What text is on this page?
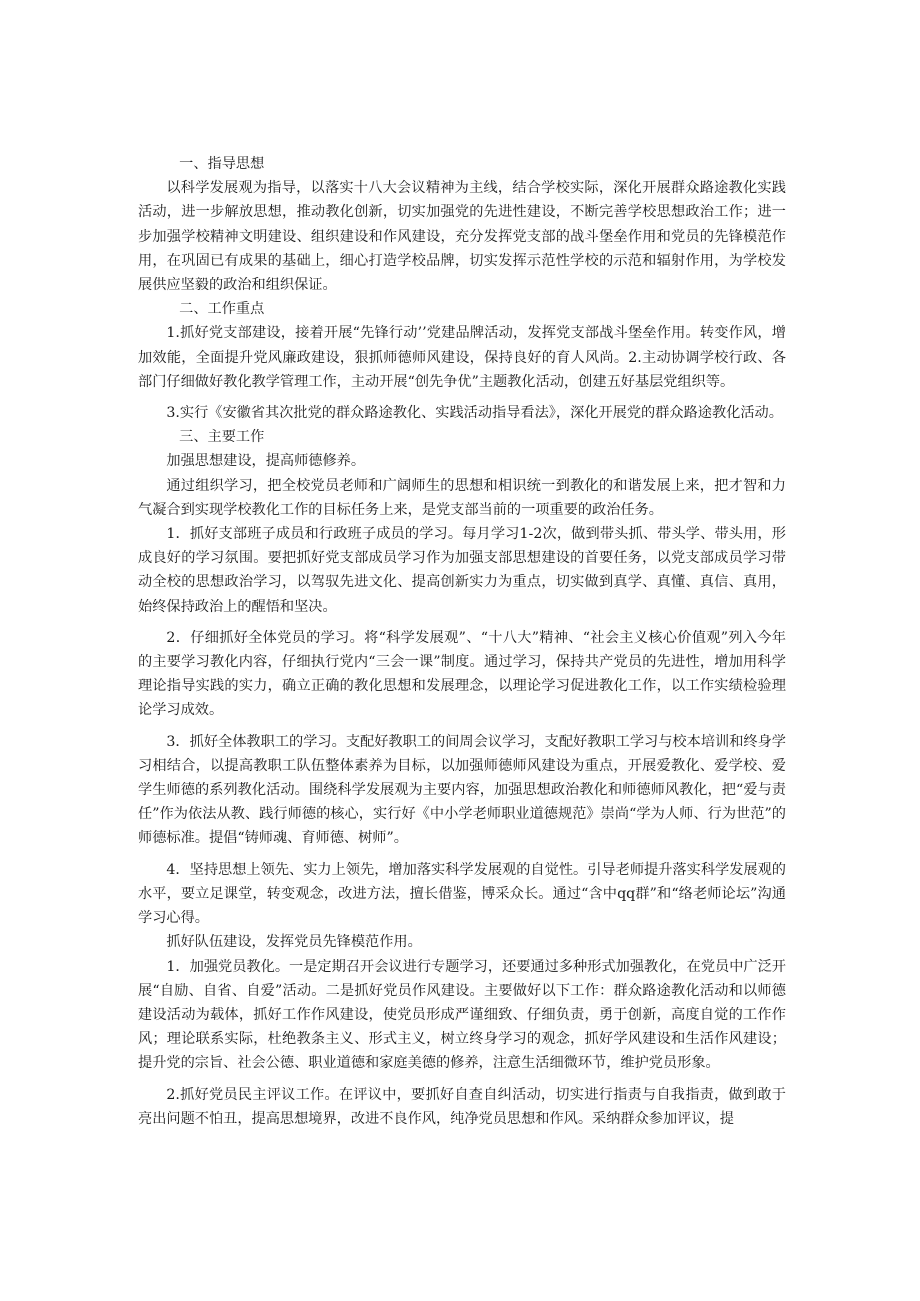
一、指导思想

以科学发展观为指导，以落实十八大会议精神为主线，结合学校实际，深化开展群众路途教化实践活动，进一步解放思想，推动教化创新，切实加强党的先进性建设，不断完善学校思想政治工作；进一步加强学校精神文明建设、组织建设和作风建设，充分发挥党支部的战斗堡垒作用和党员的先锋模范作用，在巩固已有成果的基础上，细心打造学校品牌，切实发挥示范性学校的示范和辐射作用，为学校发展供应坚毅的政治和组织保证。

二、工作重点

1.抓好党支部建设，接着开展“先锋行动’’党建品牌活动，发挥党支部战斗堡垒作用。转变作风，增加效能，全面提升党风廉政建设，狠抓师德师风建设，保持良好的育人风尚。2.主动协调学校行政、各部门仔细做好教化教学管理工作，主动开展“创先争优”主题教化活动，创建五好基层党组织等。

3.实行《安徽省其次批党的群众路途教化、实践活动指导看法》，深化开展党的群众路途教化活动。

三、主要工作

加强思想建设，提高师德修养。

通过组织学习，把全校党员老师和广阔师生的思想和相识统一到教化的和谐发展上来，把才智和力气凝合到实现学校教化工作的目标任务上来，是党支部当前的一项重要的政治任务。

1．抓好支部班子成员和行政班子成员的学习。每月学习1-2次，做到带头抓、带头学、带头用，形成良好的学习氛围。要把抓好党支部成员学习作为加强支部思想建设的首要任务，以党支部成员学习带动全校的思想政治学习，以驾驭先进文化、提高创新实力为重点，切实做到真学、真懂、真信、真用，始终保持政治上的醒悟和坚决。

2．仔细抓好全体党员的学习。将“科学发展观”、“十八大”精神、“社会主义核心价值观”列入今年的主要学习教化内容，仔细执行党内“三会一课”制度。通过学习，保持共产党员的先进性，增加用科学理论指导实践的实力，确立正确的教化思想和发展理念，以理论学习促进教化工作，以工作实绩检验理论学习成效。

3．抓好全体教职工的学习。支配好教职工的间周会议学习，支配好教职工学习与校本培训和终身学习相结合，以提高教职工队伍整体素养为目标，以加强师德师风建设为重点，开展爱教化、爱学校、爱学生师德的系列教化活动。围绕科学发展观为主要内容，加强思想政治教化和师德师风教化，把“爱与责任”作为依法从教、践行师德的核心，实行好《中小学老师职业道德规范》崇尚“学为人师、行为世范”的师德标准。提倡“铸师魂、育师德、树师”。

4．坚持思想上领先、实力上领先，增加落实科学发展观的自觉性。引导老师提升落实科学发展观的水平，要立足课堂，转变观念，改进方法，擅长借鉴，博采众长。通过“含中qq群”和“络老师论坛”沟通学习心得。

抓好队伍建设，发挥党员先锋模范作用。

1．加强党员教化。一是定期召开会议进行专题学习，还要通过多种形式加强教化，在党员中广泛开展“自励、自省、自爱”活动。二是抓好党员作风建设。主要做好以下工作：群众路途教化活动和以师德建设活动为载体，抓好工作作风建设，使党员形成严谨细致、仔细负责，勇于创新，高度自觉的工作作风；理论联系实际，杜绝教条主义、形式主义，树立终身学习的观念，抓好学风建设和生活作风建设；提升党的宗旨、社会公德、职业道德和家庭美德的修养，注意生活细微环节，维护党员形象。

2.抓好党员民主评议工作。在评议中，要抓好自查自纠活动，切实进行指责与自我指责，做到敢于亮出问题不怕丑，提高思想境界，改进不良作风，纯净党员思想和作风。采纳群众参加评议，提
